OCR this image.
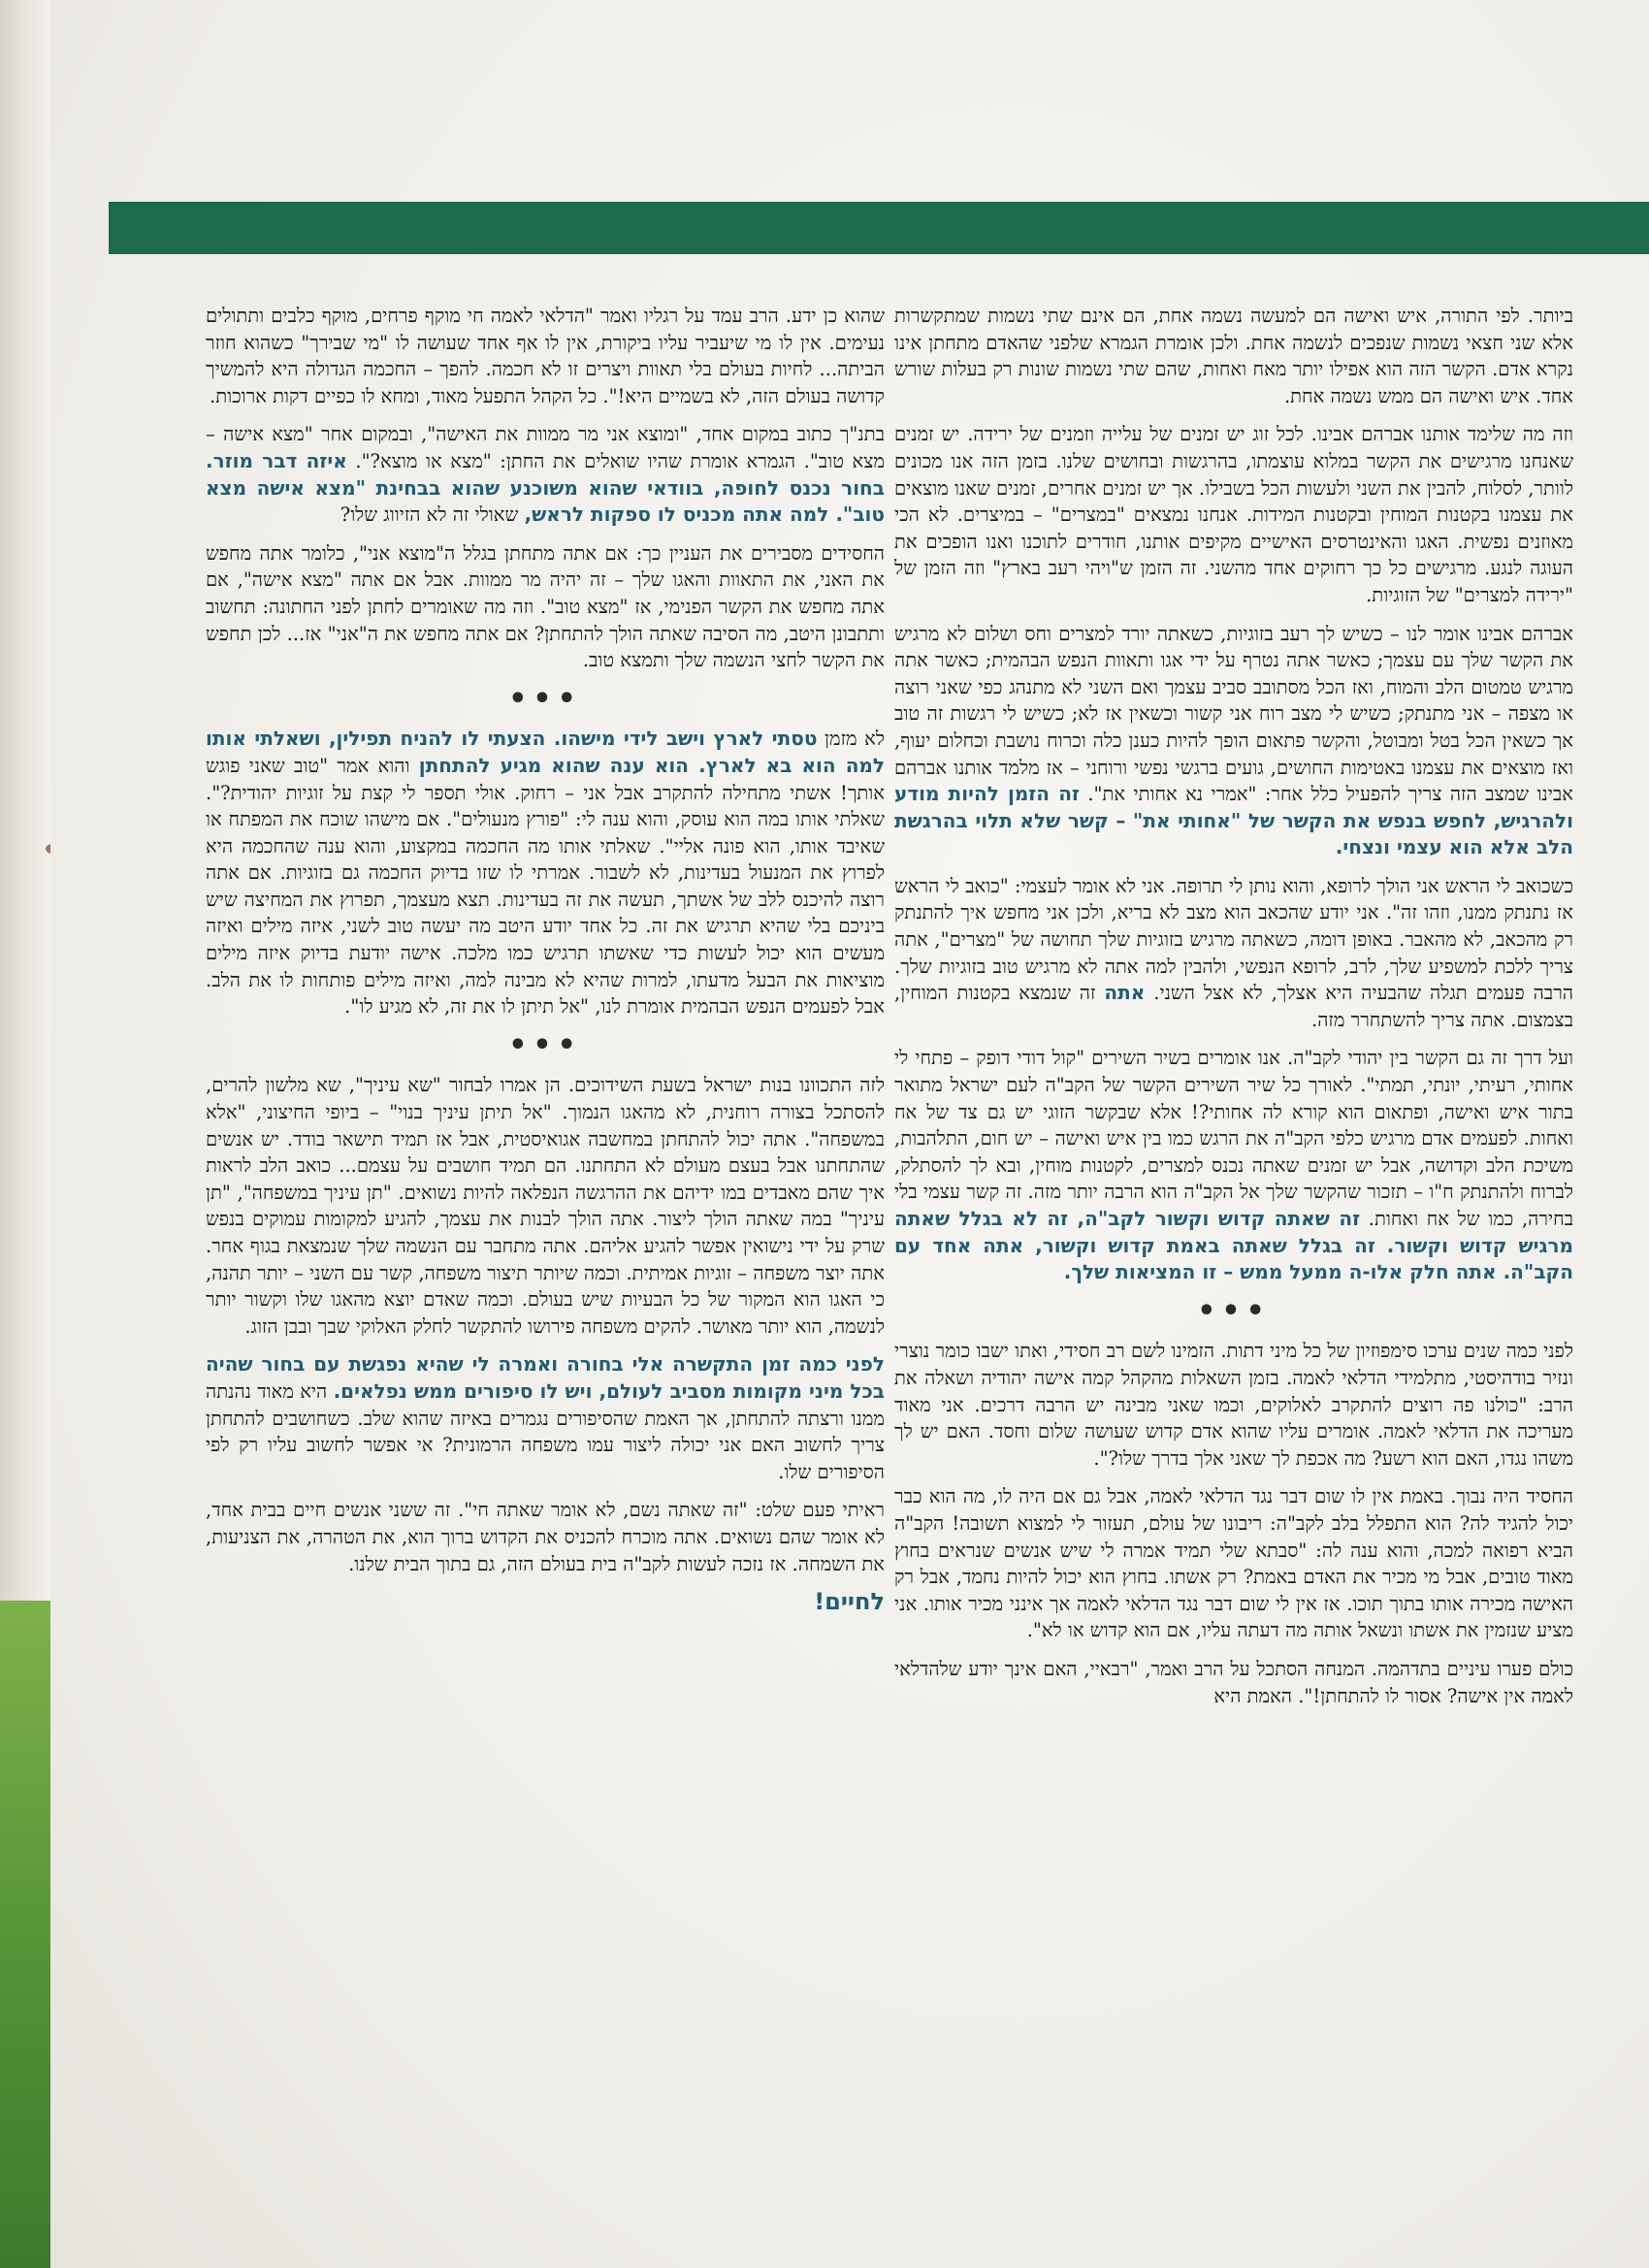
ביותר. לפי התורה, איש ואישה הם למעשה נשמה אחת, הם אינם שתי נשמות שמתקשרות אלא שני חצאי נשמות שנפכים לנשמה אחת. ולכן אומרת הגמרא שלפני שהאדם מתחתן אינו נקרא אדם. הקשר הזה הוא אפילו יותר מאח ואחות, שהם שתי נשמות שונות רק בעלות שורש אחד. איש ואישה הם ממש נשמה אחת.

וזה מה שלימד אותנו אברהם אבינו. לכל זוג יש זמנים של עלייה וזמנים של ירידה. יש זמנים שאנחנו מרגישים את הקשר במלוא עוצמתו, בהרגשות ובחושים שלנו. בזמן הזה אנו מכונים לוותר, לסלוח, להבין את השני ולעשות הכל בשבילו. אך יש זמנים אחרים, זמנים שאנו מוצאים את עצמנו בקטנות המוחין ובקטנות המידות. אנחנו נמצאים "במצרים" – במיצרים. לא הכי מאוזנים נפשית. האגו והאינטרסים האישיים מקיפים אותנו, חודרים לתוכנו ואנו הופכים את העוגה לנגע. מרגישים כל כך רחוקים אחד מהשני. זה הזמן ש"ויהי רעב בארץ" וזה הזמן של "ירידה למצרים" של הזוגיות.

אברהם אבינו אומר לנו – כשיש לך רעב בזוגיות, כשאתה יורד למצרים וחס ושלום לא מרגיש את הקשר שלך עם עצמך; כאשר אתה נטרף על ידי אגו ותאוות הנפש הבהמית; כאשר אתה מרגיש טמטום הלב והמוח, ואז הכל מסתובב סביב עצמך ואם השני לא מתנהג כפי שאני רוצה או מצפה – אני מתנתק; כשיש לי מצב רוח אני קשור וכשאין אז לא; כשיש לי רגשות זה טוב אך כשאין הכל בטל ומבוטל, והקשר פתאום הופך להיות כענן כלה וכרוח נושבת וכחלום יעוף, ואז מוצאים את עצמנו באטימות החושים, גועים ברגשי נפשי ורוחני – אז מלמד אותנו אברהם אבינו שמצב הזה צריך להפעיל כלל אחר: "אמרי נא אחותי את". זה הזמן להיות מודע ולהרגיש, לחפש בנפש את הקשר של "אחותי את" – קשר שלא תלוי בהרגשת הלב אלא הוא עצמי ונצחי.

כשכואב לי הראש אני הולך לרופא, והוא נותן לי תרופה. אני לא אומר לעצמי: "כואב לי הראש אז נתנתק ממנו, וזהו זה". אני יודע שהכאב הוא מצב לא בריא, ולכן אני מחפש איך להתנתק רק מהכאב, לא מהאבר. באופן דומה, כשאתה מרגיש בזוגיות שלך תחושה של "מצרים", אתה צריך ללכת למשפיע שלך, לרב, לרופא הנפשי, ולהבין למה אתה לא מרגיש טוב בזוגיות שלך. הרבה פעמים תגלה שהבעיה היא אצלך, לא אצל השני. אתה זה שנמצא בקטנות המוחין, בצמצום. אתה צריך להשתחרר מזה.

ועל דרך זה גם הקשר בין יהודי לקב"ה. אנו אומרים בשיר השירים "קול דודי דופק – פתחי לי אחותי, רעיתי, יונתי, תמתי". לאורך כל שיר השירים הקשר של הקב"ה לעם ישראל מתואר בתור איש ואישה, ופתאום הוא קורא לה אחותי?! אלא שבקשר הזוגי יש גם צד של אח ואחות. לפעמים אדם מרגיש כלפי הקב"ה את הרגש כמו בין איש ואישה – יש חום, התלהבות, משיכת הלב וקדושה, אבל יש זמנים שאתה נכנס למצרים, לקטנות מוחין, ובא לך להסתלק, לברוח ולהתנתק ח"ו – תזכור שהקשר שלך אל הקב"ה הוא הרבה יותר מזה. זה קשר עצמי בלי בחירה, כמו של אח ואחות. זה שאתה קדוש וקשור לקב"ה, זה לא בגלל שאתה מרגיש קדוש וקשור. זה בגלל שאתה באמת קדוש וקשור, אתה אחד עם הקב"ה. אתה חלק אלו-ה ממעל ממש – זו המציאות שלך.

•••

לפני כמה שנים ערכו סימפוזיון של כל מיני דתות. הזמינו לשם רב חסידי, ואתו ישבו כומר נוצרי ונזיר בודהיסטי, מתלמידי הדלאי לאמה. בזמן השאלות מהקהל קמה אישה יהודיה ושאלה את הרב: "כולנו פה רוצים להתקרב לאלוקים, וכמו שאני מבינה יש הרבה דרכים. אני מאוד מעריכה את הדלאי לאמה. אומרים עליו שהוא אדם קדוש שעושה שלום וחסד. האם יש לך משהו נגדו, האם הוא רשע? מה אכפת לך שאני אלך בדרך שלו?".

החסיד היה נבוך. באמת אין לו שום דבר נגד הדלאי לאמה, אבל גם אם היה לו, מה הוא כבר יכול להגיד לה? הוא התפלל בלב לקב"ה: ריבונו של עולם, תעזור לי למצוא תשובה! הקב"ה הביא רפואה למכה, והוא ענה לה: "סבתא שלי תמיד אמרה לי שיש אנשים שנראים בחוץ מאוד טובים, אבל מי מכיר את האדם באמת? רק אשתו. בחוץ הוא יכול להיות נחמד, אבל רק האישה מכירה אותו בתוך תוכו. אז אין לי שום דבר נגד הדלאי לאמה אך אינני מכיר אותו. אני מציע שנזמין את אשתו ונשאל אותה מה דעתה עליו, אם הוא קדוש או לא".

כולם פערו עיניים בתדהמה. המנחה הסתכל על הרב ואמר, "רבאיי, האם אינך יודע שלהדלאי לאמה אין אישה? אסור לו להתחתן!". האמת היא

שהוא כן ידע. הרב עמד על רגליו ואמר "הדלאי לאמה חי מוקף פרחים, מוקף כלבים ותתולים נעימים. אין לו מי שיעביר עליו ביקורת, אין לו אף אחד שעושה לו "מי שבירך" כשהוא חוזר הביתה... לחיות בעולם בלי תאוות ויצרים זו לא חכמה. להפך – החכמה הגדולה היא להמשיך קדושה בעולם הזה, לא בשמיים היא!". כל הקהל התפעל מאוד, ומחא לו כפיים דקות ארוכות.

בתנ"ך כתוב במקום אחד, "ומוצא אני מר ממוות את האישה", ובמקום אחר "מצא אישה – מצא טוב". הגמרא אומרת שהיו שואלים את החתן: "מצא או מוצא?". איזה דבר מוזר. בחור נכנס לחופה, בוודאי שהוא משוכנע שהוא בבחינת "מצא אישה מצא טוב". למה אתה מכניס לו ספקות לראש, שאולי זה לא הזיווג שלו?

החסידים מסבירים את העניין כך: אם אתה מתחתן בגלל ה"מוצא אני", כלומר אתה מחפש את האני, את התאוות והאגו שלך – זה יהיה מר ממוות. אבל אם אתה "מצא אישה", אם אתה מחפש את הקשר הפנימי, אז "מצא טוב". וזה מה שאומרים לחתן לפני החתונה: תחשוב ותתבונן היטב, מה הסיבה שאתה הולך להתחתן? אם אתה מחפש את ה"אני" אז... לכן תחפש את הקשר לחצי הנשמה שלך ותמצא טוב.

•••

לא מזמן טסתי לארץ וישב לידי מישהו. הצעתי לו להניח תפילין, ושאלתי אותו למה הוא בא לארץ. הוא ענה שהוא מגיע להתחתן והוא אמר "טוב שאני פוגש אותך! אשתי מתחילה להתקרב אבל אני – רחוק. אולי תספר לי קצת על זוגיות יהודית?". שאלתי אותו במה הוא עוסק, והוא ענה לי: "פורץ מנעולים". אם מישהו שוכח את המפתח או שאיבד אותו, הוא פונה אליי". שאלתי אותו מה החכמה במקצוע, והוא ענה שהחכמה היא לפרוץ את המנעול בעדינות, לא לשבור. אמרתי לו שזו בדיוק החכמה גם בזוגיות. אם אתה רוצה להיכנס ללב של אשתך, תעשה את זה בעדינות. תצא מעצמך, תפרוץ את המחיצה שיש ביניכם בלי שהיא תרגיש את זה. כל אחד יודע היטב מה יעשה טוב לשני, איזה מילים ואיזה מעשים הוא יכול לעשות כדי שאשתו תרגיש כמו מלכה. אישה יודעת בדיוק איזה מילים מוציאות את הבעל מדעתו, למרות שהיא לא מבינה למה, ואיזה מילים פותחות לו את הלב. אבל לפעמים הנפש הבהמית אומרת לנו, "אל תיתן לו את זה, לא מגיע לו".

•••

לזה התכוונו בנות ישראל בשעת השידוכים. הן אמרו לבחור "שא עיניך", שא מלשון להרים, להסתכל בצורה רוחנית, לא מהאגו הנמוך. "אל תיתן עיניך בנוי" – ביופי החיצוני, "אלא במשפחה". אתה יכול להתחתן במחשבה אגואיסטית, אבל אז תמיד תישאר בודד. יש אנשים שהתחתנו אבל בעצם מעולם לא התחתנו. הם תמיד חושבים על עצמם... כואב הלב לראות איך שהם מאבדים במו ידיהם את ההרגשה הנפלאה להיות נשואים. "תן עיניך במשפחה", "תן עיניך" במה שאתה הולך ליצור. אתה הולך לבנות את עצמך, להגיע למקומות עמוקים בנפש שרק על ידי נישואין אפשר להגיע אליהם. אתה מתחבר עם הנשמה שלך שנמצאת בגוף אחר. אתה יוצר משפחה – זוגיות אמיתית. וכמה שיותר תיצור משפחה, קשר עם השני – יותר תהנה, כי האגו הוא המקור של כל הבעיות שיש בעולם. וכמה שאדם יוצא מהאגו שלו וקשור יותר לנשמה, הוא יותר מאושר. להקים משפחה פירושו להתקשר לחלק האלוקי שבך ובבן הזוג.

לפני כמה זמן התקשרה אלי בחורה ואמרה לי שהיא נפגשת עם בחור שהיה בכל מיני מקומות מסביב לעולם, ויש לו סיפורים ממש נפלאים. היא מאוד נהנתה ממנו ורצתה להתחתן, אך האמת שהסיפורים נגמרים באיזה שהוא שלב. כשחושבים להתחתן צריך לחשוב האם אני יכולה ליצור עמו משפחה הרמונית? אי אפשר לחשוב עליו רק לפי הסיפורים שלו.

ראיתי פעם שלט: "זה שאתה נשם, לא אומר שאתה חי". זה ששני אנשים חיים בבית אחד, לא אומר שהם נשואים. אתה מוכרח להכניס את הקדוש ברוך הוא, את הטהרה, את הצניעות, את השמחה. אז נזכה לעשות לקב"ה בית בעולם הזה, גם בתוך הבית שלנו.

לחיים!
